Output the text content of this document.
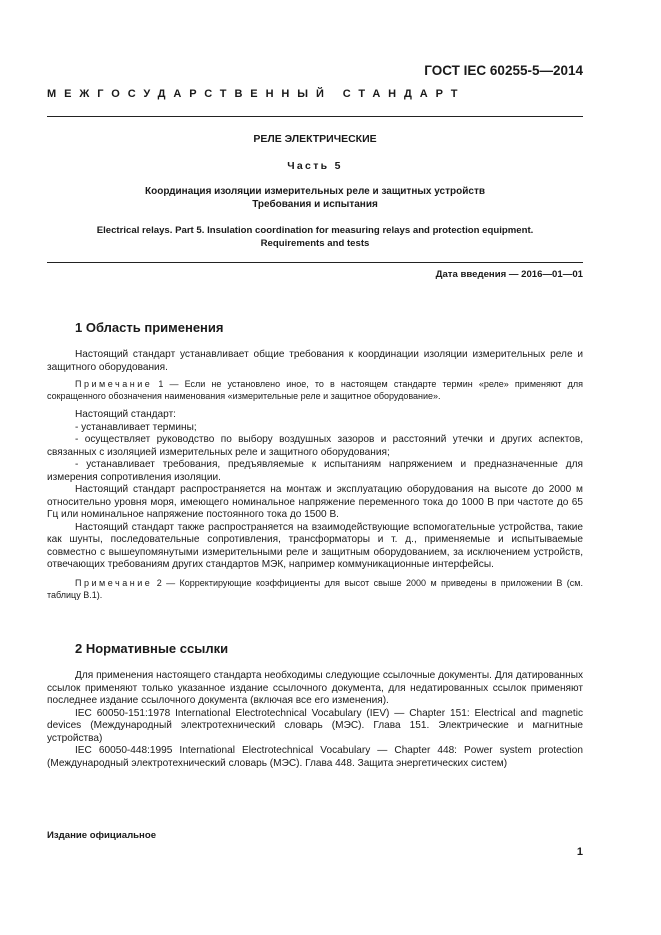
ГОСТ IEC 60255-5—2014
МЕЖГОСУДАРСТВЕННЫЙ СТАНДАРТ
РЕЛЕ ЭЛЕКТРИЧЕСКИЕ
Часть 5
Координация изоляции измерительных реле и защитных устройств
Требования и испытания
Electrical relays. Part 5. Insulation coordination for measuring relays and protection equipment.
Requirements and tests
Дата введения — 2016—01—01
1 Область применения

Настоящий стандарт устанавливает общие требования к координации изоляции измерительных реле и защитного оборудования.

Примечание 1 — Если не установлено иное, то в настоящем стандарте термин «реле» применяют для сокращенного обозначения наименования «измерительные реле и защитное оборудование».

Настоящий стандарт:

- устанавливает термины;

- осуществляет руководство по выбору воздушных зазоров и расстояний утечки и других аспектов, связанных с изоляцией измерительных реле и защитного оборудования;

- устанавливает требования, предъявляемые к испытаниям напряжением и предназначенные для измерения сопротивления изоляции.

Настоящий стандарт распространяется на монтаж и эксплуатацию оборудования на высоте до 2000 м относительно уровня моря, имеющего номинальное напряжение переменного тока до 1000 В при частоте до 65 Гц или номинальное напряжение постоянного тока до 1500 В.

Настоящий стандарт также распространяется на взаимодействующие вспомогательные устройства, такие как шунты, последовательные сопротивления, трансформаторы и т. д., применяемые и испытываемые совместно с вышеупомянутыми измерительными реле и защитным оборудованием, за исключением устройств, отвечающих требованиям других стандартов МЭК, например коммуникационные интерфейсы.

Примечание 2 — Корректирующие коэффициенты для высот свыше 2000 м приведены в приложении В (см. таблицу В.1).

2 Нормативные ссылки

Для применения настоящего стандарта необходимы следующие ссылочные документы. Для датированных ссылок применяют только указанное издание ссылочного документа, для недатированных ссылок применяют последнее издание ссылочного документа (включая все его изменения).

IEC 60050-151:1978 International Electrotechnical Vocabulary (IEV) — Chapter 151: Electrical and magnetic devices (Международный электротехнический словарь (МЭС). Глава 151. Электрические и магнитные устройства)

IEC 60050-448:1995 International Electrotechnical Vocabulary — Chapter 448: Power system protection (Международный электротехнический словарь (МЭС). Глава 448. Защита энергетических систем)

Издание официальное
1
